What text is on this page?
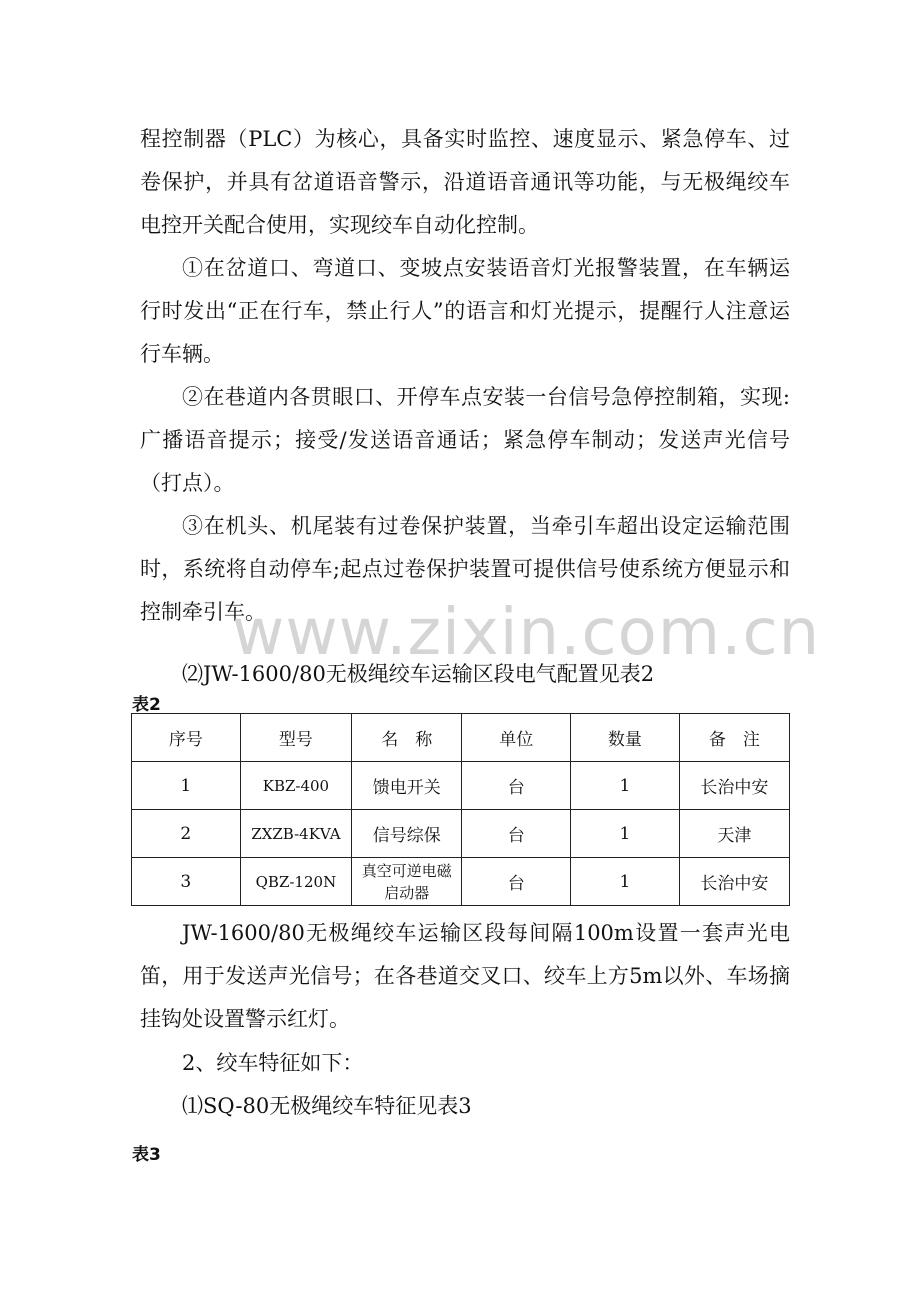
程控制器（PLC）为核心，具备实时监控、速度显示、紧急停车、过卷保护，并具有岔道语音警示，沿道语音通讯等功能，与无极绳绞车电控开关配合使用，实现绞车自动化控制。

①在岔道口、弯道口、变坡点安装语音灯光报警装置，在车辆运行时发出“正在行车，禁止行人”的语言和灯光提示，提醒行人注意运行车辆。

②在巷道内各贯眼口、开停车点安装一台信号急停控制箱，实现:广播语音提示；接受/发送语音通话；紧急停车制动；发送声光信号（打点）。

③在机头、机尾装有过卷保护装置，当牵引车超出设定运输范围时，系统将自动停车;起点过卷保护装置可提供信号使系统方便显示和控制牵引车。

www.zixin.com.cn

⑵JW-1600/80无极绳绞车运输区段电气配置见表2

表2
序号	型号	名　称	单位	数量	备　注
1	KBZ-400	馈电开关	台	1	长治中安
2	ZXZB-4KVA	信号综保	台	1	天津
3	QBZ-120N	真空可逆电磁启动器	台	1	长治中安

JW-1600/80无极绳绞车运输区段每间隔100m设置一套声光电笛，用于发送声光信号；在各巷道交叉口、绞车上方5m以外、车场摘挂钩处设置警示红灯。

2、绞车特征如下：

⑴SQ-80无极绳绞车特征见表3

表3
